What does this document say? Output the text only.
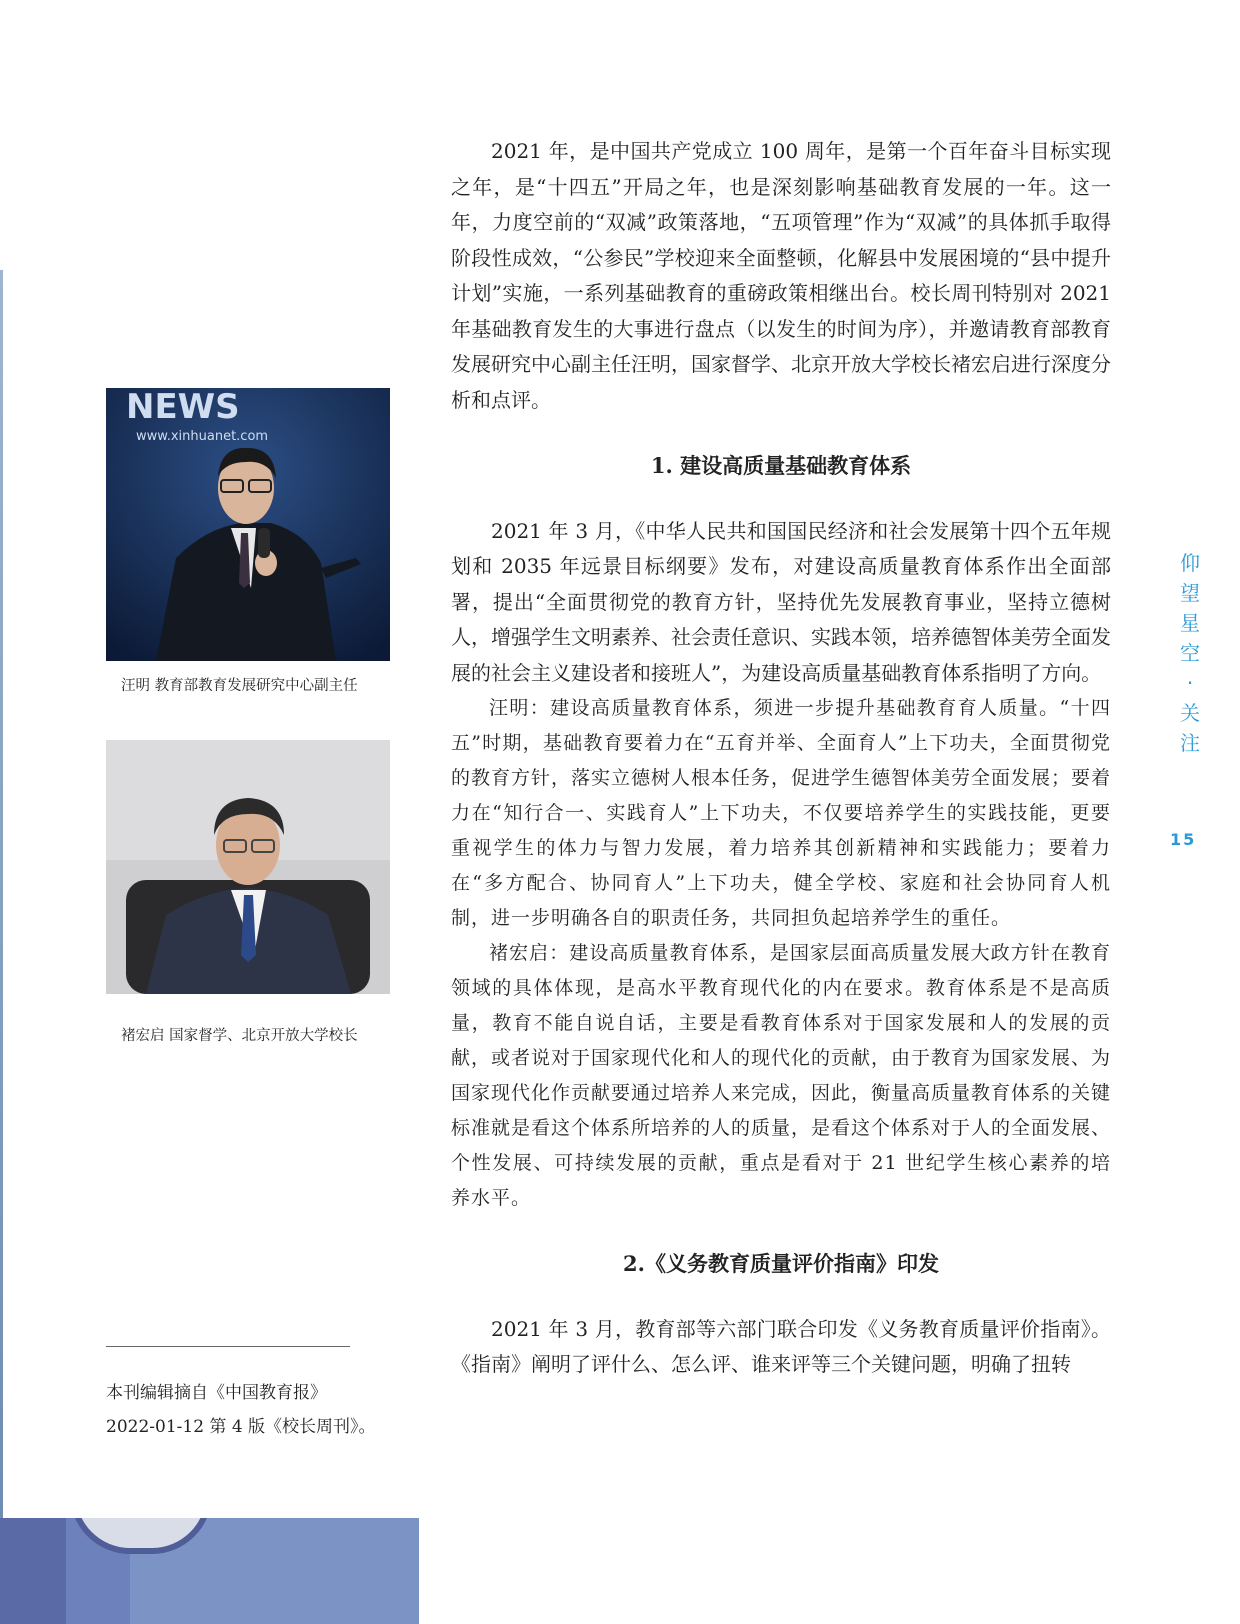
2021 年，是中国共产党成立 100 周年，是第一个百年奋斗目标实现之年，是“十四五”开局之年，也是深刻影响基础教育发展的一年。这一年，力度空前的“双减”政策落地，“五项管理”作为“双减”的具体抓手取得阶段性成效，“公参民”学校迎来全面整顿，化解县中发展困境的“县中提升计划”实施，一系列基础教育的重磅政策相继出台。校长周刊特别对 2021 年基础教育发生的大事进行盘点（以发生的时间为序），并邀请教育部教育发展研究中心副主任汪明，国家督学、北京开放大学校长褚宏启进行深度分析和点评。

1. 建设高质量基础教育体系

2021 年 3 月，《中华人民共和国国民经济和社会发展第十四个五年规划和 2035 年远景目标纲要》发布，对建设高质量教育体系作出全面部署，提出“全面贯彻党的教育方针，坚持优先发展教育事业，坚持立德树人，增强学生文明素养、社会责任意识、实践本领，培养德智体美劳全面发展的社会主义建设者和接班人”，为建设高质量基础教育体系指明了方向。

汪明：建设高质量教育体系，须进一步提升基础教育育人质量。“十四五”时期，基础教育要着力在“五育并举、全面育人”上下功夫，全面贯彻党的教育方针，落实立德树人根本任务，促进学生德智体美劳全面发展；要着力在“知行合一、实践育人”上下功夫，不仅要培养学生的实践技能，更要重视学生的体力与智力发展，着力培养其创新精神和实践能力；要着力在“多方配合、协同育人”上下功夫，健全学校、家庭和社会协同育人机制，进一步明确各自的职责任务，共同担负起培养学生的重任。

褚宏启：建设高质量教育体系，是国家层面高质量发展大政方针在教育领域的具体体现，是高水平教育现代化的内在要求。教育体系是不是高质量，教育不能自说自话，主要是看教育体系对于国家发展和人的发展的贡献，或者说对于国家现代化和人的现代化的贡献，由于教育为国家发展、为国家现代化作贡献要通过培养人来完成，因此，衡量高质量教育体系的关键标准就是看这个体系所培养的人的质量，是看这个体系对于人的全面发展、个性发展、可持续发展的贡献，重点是看对于 21 世纪学生核心素养的培养水平。

2.《义务教育质量评价指南》印发

2021 年 3 月，教育部等六部门联合印发《义务教育质量评价指南》。《指南》阐明了评什么、怎么评、谁来评等三个关键问题，明确了扭转

NEWS
www.xinhuanet.com
汪明 教育部教育发展研究中心副主任
褚宏启 国家督学、北京开放大学校长
本刊编辑摘自《中国教育报》
2022-01-12 第 4 版《校长周刊》。
仰
望
星
空
·
关
注
15
